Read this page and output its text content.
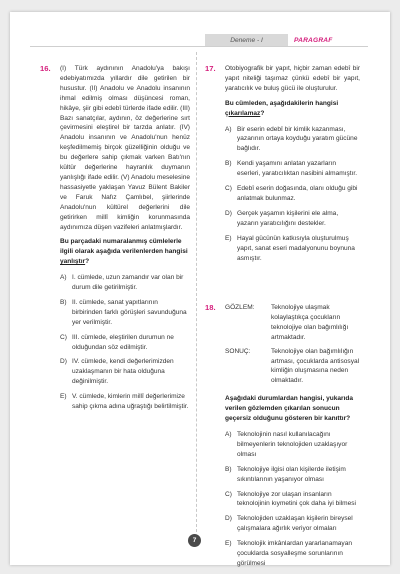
Deneme - I	PARAGRAF
16. (I) Türk aydınının Anadolu'ya bakışı edebiyatımızda yıllardır dile getirilen bir husustur. (II) Anadolu ve Anadolu insanının ihmal edilmiş olması düşüncesi roman, hikâye, şiir gibi edebî türlerde ifade edilir. (III) Bazı sanatçılar, aydının, öz değerlerine sırt çevirmesini eleştirel bir tarzda anlatır. (IV) Anadolu insanının ve Anadolu'nun henüz keşfedilmemiş birçok güzelliğinin olduğu ve bu değerlere sahip çıkmak varken Batı'nın kültür değerlerine hayranlık duymanın yanlışlığı ifade edilir. (V) Anadolu meselesine hassasiyetle yaklaşan Yavuz Bülent Bakiler ve Faruk Nafız Çamlıbel, şiirlerinde Anadolu'nun kültürel değerlerini dile getirirken millî kimliğin korunmasında aydınımıza düşen vazifeleri anlatmışlardır.
Bu parçadaki numaralanmış cümlelerle ilgili olarak aşağıda verilenlerden hangisi yanlıştır?
A) I. cümlede, uzun zamandır var olan bir durum dile getirilmiştir.
B) II. cümlede, sanat yapıtlarının birbirinden farklı görüşleri savunduğuna yer verilmiştir.
C) III. cümlede, eleştirilen durumun ne olduğundan söz edilmiştir.
D) IV. cümlede, kendi değerlerimizden uzaklaşmanın bir hata olduğuna değinilmiştir.
E) V. cümlede, kimlerin millî değerlerimize sahip çıkma adına uğraştığı belirtilmiştir.
17. Otobiyografik bir yapıt, hiçbir zaman edebî bir yapıt niteliği taşımaz çünkü edebî bir yapıt, yaratıcılık ve buluş gücü ile oluşturulur.
Bu cümleden, aşağıdakilerin hangisi çıkarılamaz?
A) Bir eserin edebî bir kimlik kazanması, yazarının ortaya koyduğu yaratım gücüne bağlıdır.
B) Kendi yaşamını anlatan yazarların eserleri, yaratıcılıktan nasibini almamıştır.
C) Edebî eserin doğasında, olanı olduğu gibi anlatmak bulunmaz.
D) Gerçek yaşamın kişilerini ele alma, yazarın yaratıcılığını destekler.
E) Hayal gücünün katkısıyla oluşturulmuş yapıt, sanat eseri madalyonunu boynuna asmıştır.
18. GÖZLEM:	Teknolojiye ulaşmak kolaylaştıkça çocukların teknolojiye olan bağımlılığı artmaktadır.
SONUÇ:	Teknolojiye olan bağımlılığın artması, çocuklarda antisosyal kimliğin oluşmasına neden olmaktadır.
Aşağıdaki durumlardan hangisi, yukarıda verilen gözlemden çıkarılan sonucun geçersiz olduğunu gösteren bir kanıttır?
A) Teknolojinin nasıl kullanılacağını bilmeyenlerin teknolojiden uzaklaşıyor olması
B) Teknolojiye ilgisi olan kişilerde iletişim sıkıntılarının yaşanıyor olması
C) Teknolojiye zor ulaşan insanların teknolojinin kıymetini çok daha iyi bilmesi
D) Teknolojiden uzaklaşan kişilerin bireysel çalışmalara ağırlık veriyor olmaları
E) Teknolojik imkânlardan yararlanamayan çocuklarda sosyalleşme sorunlarının görülmesi
7
